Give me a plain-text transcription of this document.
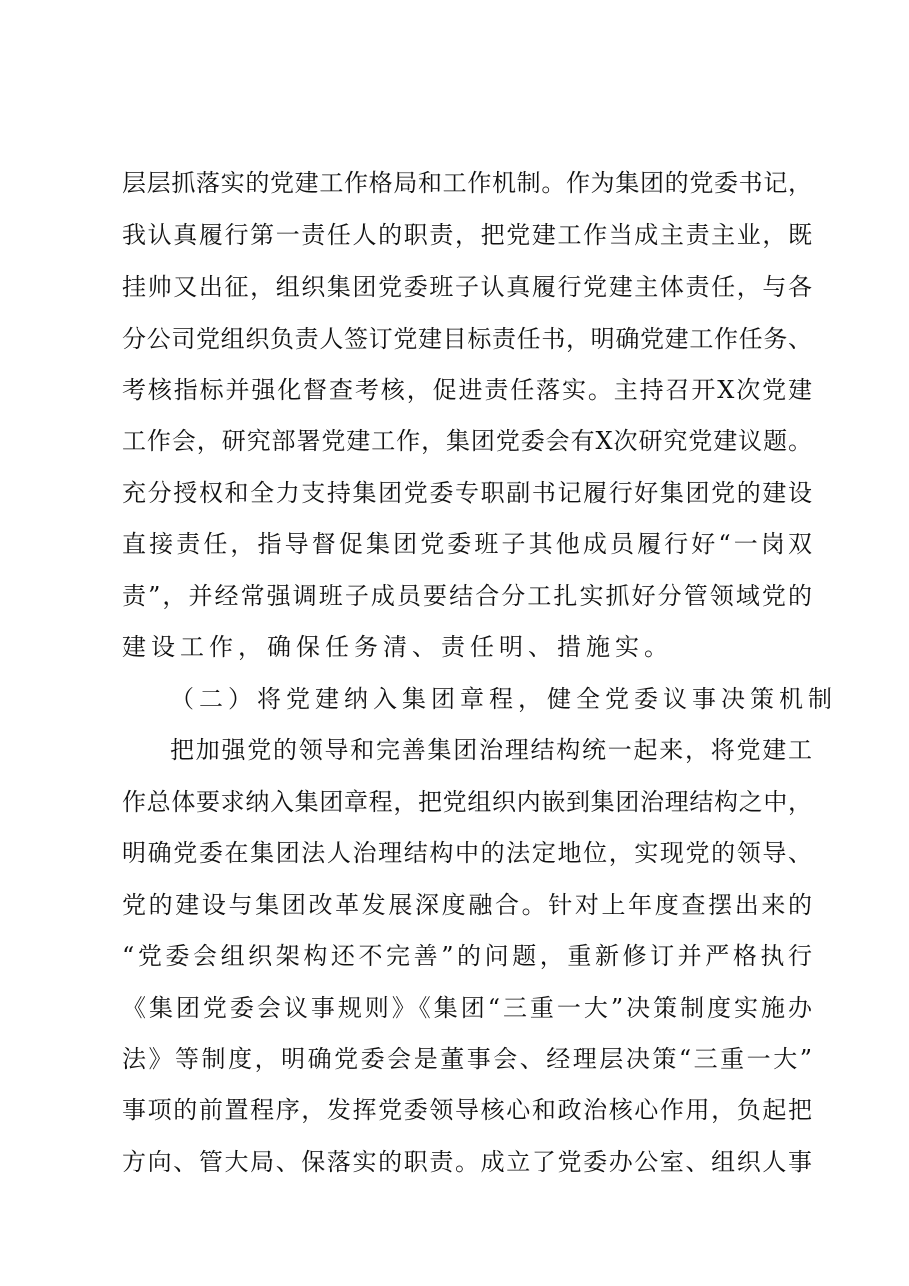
层层抓落实的党建工作格局和工作机制。作为集团的党委书记，
我认真履行第一责任人的职责，把党建工作当成主责主业，既
挂帅又出征，组织集团党委班子认真履行党建主体责任，与各
分公司党组织负责人签订党建目标责任书，明确党建工作任务、
考核指标并强化督查考核，促进责任落实。主持召开X次党建
工作会，研究部署党建工作，集团党委会有X次研究党建议题。
充分授权和全力支持集团党委专职副书记履行好集团党的建设
直接责任，指导督促集团党委班子其他成员履行好“一岗双
责”，并经常强调班子成员要结合分工扎实抓好分管领域党的
建设工作，确保任务清、责任明、措施实。
（二）将党建纳入集团章程，健全党委议事决策机制
把加强党的领导和完善集团治理结构统一起来，将党建工
作总体要求纳入集团章程，把党组织内嵌到集团治理结构之中，
明确党委在集团法人治理结构中的法定地位，实现党的领导、
党的建设与集团改革发展深度融合。针对上年度查摆出来的
“党委会组织架构还不完善”的问题，重新修订并严格执行
《集团党委会议事规则》《集团“三重一大”决策制度实施办
法》等制度，明确党委会是董事会、经理层决策“三重一大”
事项的前置程序，发挥党委领导核心和政治核心作用，负起把
方向、管大局、保落实的职责。成立了党委办公室、组织人事
